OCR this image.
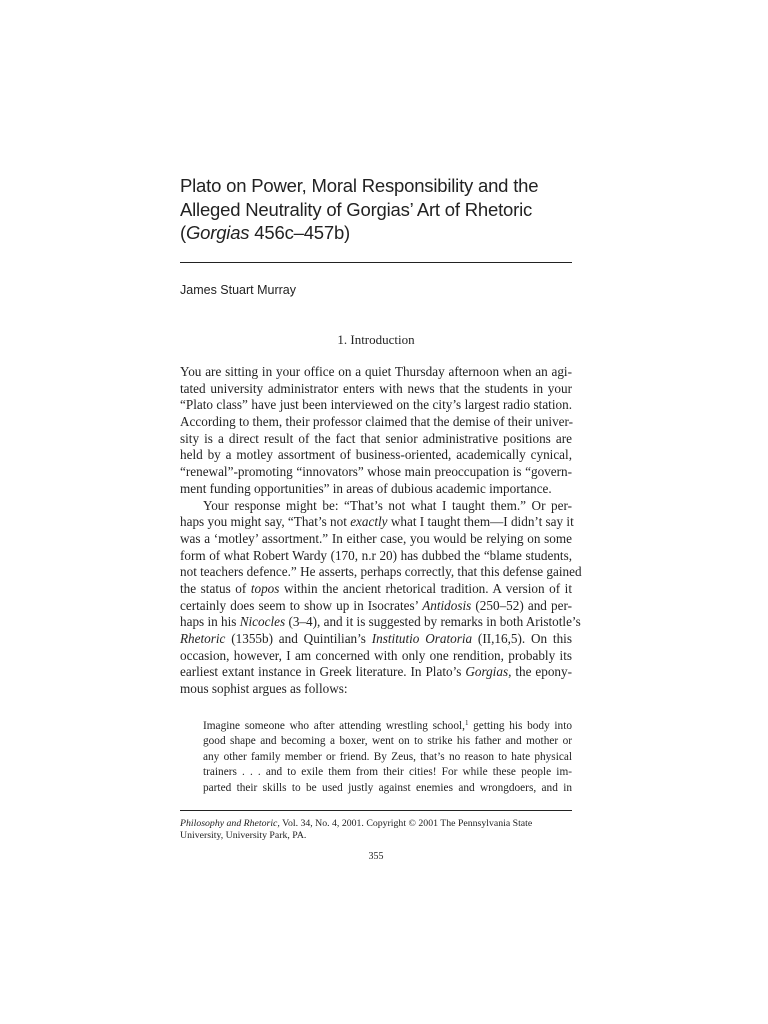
Plato on Power, Moral Responsibility and the
Alleged Neutrality of Gorgias’ Art of Rhetoric
(Gorgias 456c–457b)
James Stuart Murray
1. Introduction
You are sitting in your office on a quiet Thursday afternoon when an agi-
tated university administrator enters with news that the students in your
“Plato class” have just been interviewed on the city’s largest radio station.
According to them, their professor claimed that the demise of their univer-
sity is a direct result of the fact that senior administrative positions are
held by a motley assortment of business-oriented, academically cynical,
“renewal”-promoting “innovators” whose main preoccupation is “govern-
ment funding opportunities” in areas of dubious academic importance.
Your response might be: “That’s not what I taught them.” Or per-
haps you might say, “That’s not exactly what I taught them—I didn’t say it
was a ‘motley’ assortment.” In either case, you would be relying on some
form of what Robert Wardy (170, n.r 20) has dubbed the “blame students,
not teachers defence.” He asserts, perhaps correctly, that this defense gained
the status of topos within the ancient rhetorical tradition. A version of it
certainly does seem to show up in Isocrates’ Antidosis (250–52) and per-
haps in his Nicocles (3–4), and it is suggested by remarks in both Aristotle’s
Rhetoric (1355b) and Quintilian’s Institutio Oratoria (II,16,5). On this
occasion, however, I am concerned with only one rendition, probably its
earliest extant instance in Greek literature. In Plato’s Gorgias, the epony-
mous sophist argues as follows:
Imagine someone who after attending wrestling school,$^1$ getting his body into
good shape and becoming a boxer, went on to strike his father and mother or
any other family member or friend. By Zeus, that’s no reason to hate physical
trainers . . . and to exile them from their cities! For while these people im-
parted their skills to be used justly against enemies and wrongdoers, and in
Philosophy and Rhetoric, Vol. 34, No. 4, 2001. Copyright © 2001 The Pennsylvania State
University, University Park, PA.
355
